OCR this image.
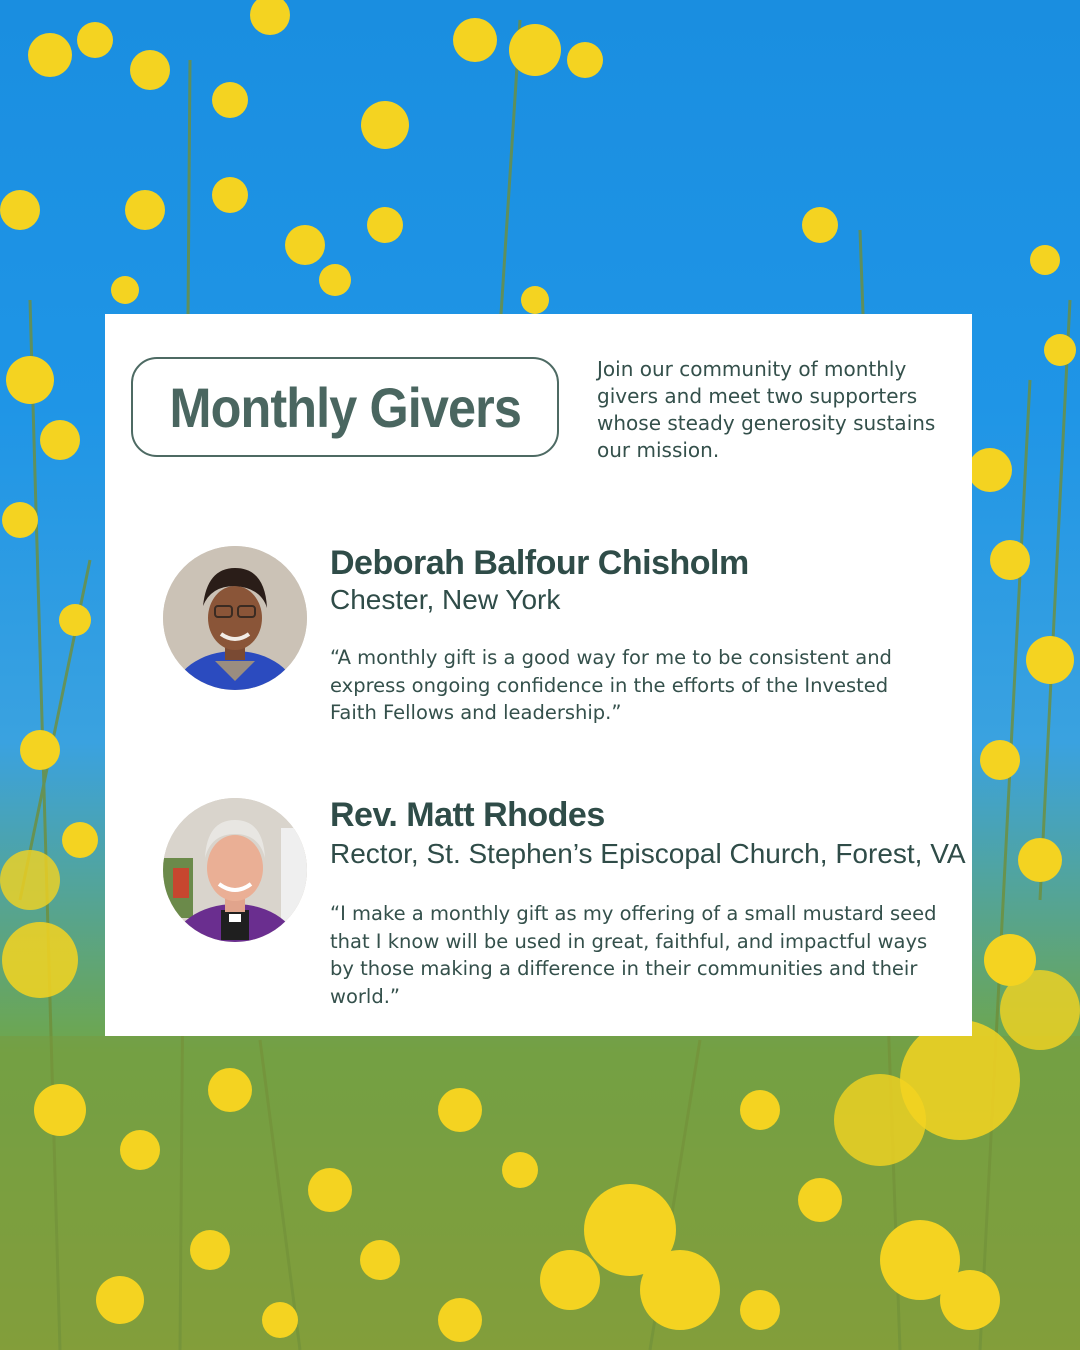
Monthly Givers
Join our community of monthly givers and meet two supporters whose steady generosity sustains our mission.
Deborah Balfour Chisholm
Chester, New York
“A monthly gift is a good way for me to be consistent and express ongoing confidence in the efforts of the Invested Faith Fellows and leadership.”
Rev. Matt Rhodes
Rector, St. Stephen’s Episcopal Church, Forest, VA
“I make a monthly gift as my offering of a small mustard seed that I know will be used in great, faithful, and impactful ways by those making a difference in their communities and their world.”
